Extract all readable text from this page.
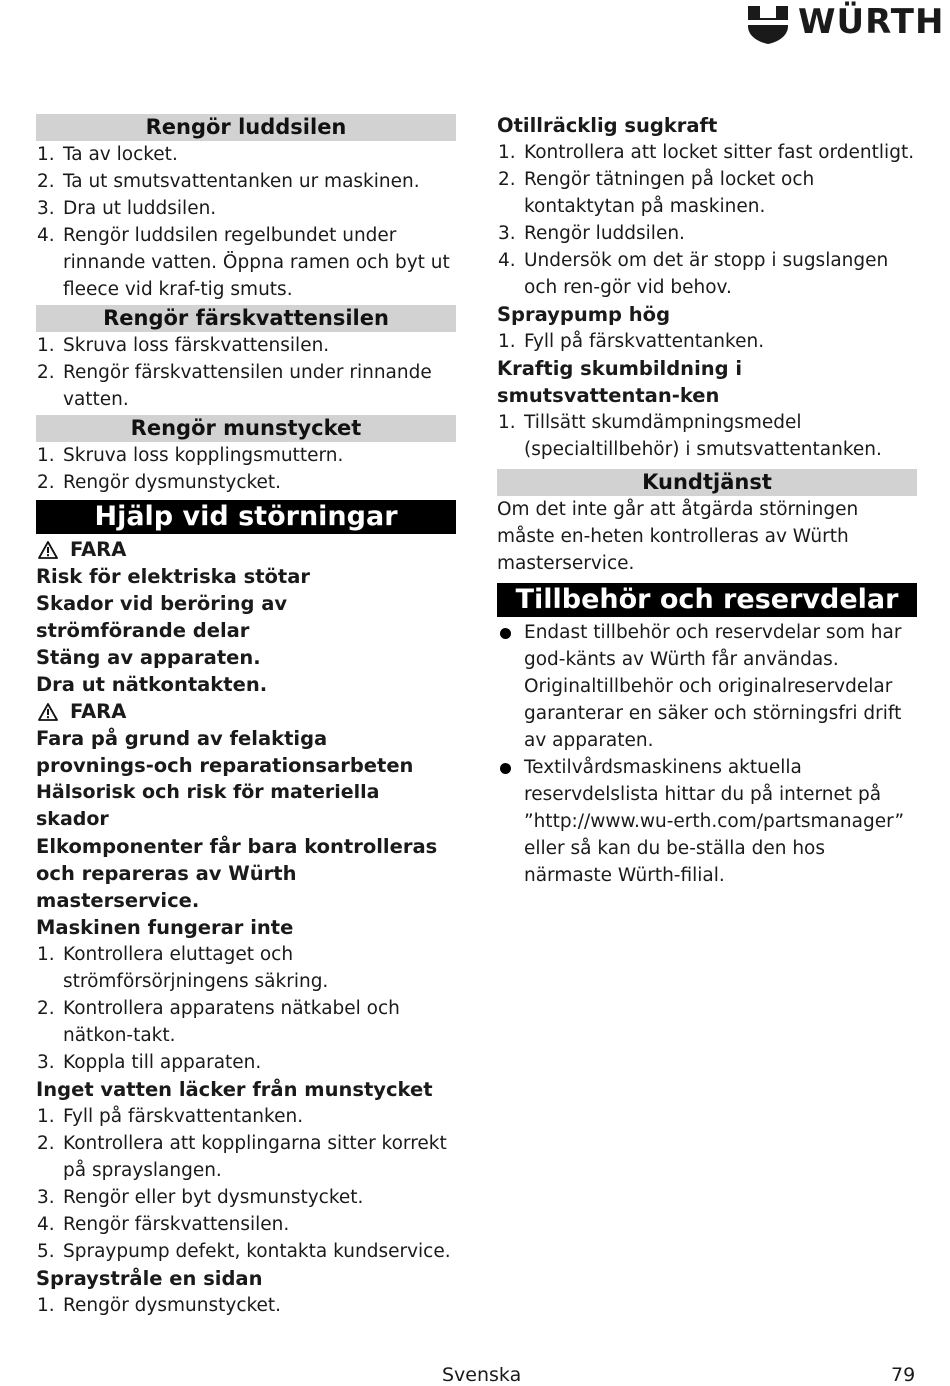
WÜRTH
Rengör luddsilen
1. Ta av locket.
2. Ta ut smutsvattentanken ur maskinen.
3. Dra ut luddsilen.
4. Rengör luddsilen regelbundet under rinnande vatten. Öppna ramen och byt ut fleece vid kraf-tig smuts.
Rengör färskvattensilen
1. Skruva loss färskvattensilen.
2. Rengör färskvattensilen under rinnande vatten.
Rengör munstycket
1. Skruva loss kopplingsmuttern.
2. Rengör dysmunstycket.
Hjälp vid störningar
FARA

Risk för elektriska stötar

Skador vid beröring av strömförande delar

Stäng av apparaten.

Dra ut nätkontakten.

FARA

Fara på grund av felaktiga provnings-och reparationsarbeten

Hälsorisk och risk för materiella skador

Elkomponenter får bara kontrolleras och repareras av Würth masterservice.

Maskinen fungerar inte

1. Kontrollera eluttaget och strömförsörjningens säkring.
2. Kontrollera apparatens nätkabel och nätkon-takt.
3. Koppla till apparaten.

Inget vatten läcker från munstycket

1. Fyll på färskvattentanken.
2. Kontrollera att kopplingarna sitter korrekt på sprayslangen.
3. Rengör eller byt dysmunstycket.
4. Rengör färskvattensilen.
5. Spraypump defekt, kontakta kundservice.

Spraystråle en sidan

1. Rengör dysmunstycket.

Otillräcklig sugkraft

1. Kontrollera att locket sitter fast ordentligt.
2. Rengör tätningen på locket och kontaktytan på maskinen.
3. Rengör luddsilen.
4. Undersök om det är stopp i sugslangen och ren-gör vid behov.

Spraypump hög

1. Fyll på färskvattentanken.

Kraftig skumbildning i smutsvattentan-ken

1. Tillsätt skumdämpningsmedel (specialtillbehör) i smutsvattentanken.
Kundtjänst

Om det inte går att åtgärda störningen måste en-heten kontrolleras av Würth masterservice.

Tillbehör och reservdelar
Endast tillbehör och reservdelar som har god-känts av Würth får användas. Originaltillbehör och originalreservdelar garanterar en säker och störningsfri drift av apparaten.
Textilvårdsmaskinens aktuella reservdelslista hittar du på internet på ”http://www.wu-erth.com/partsmanager” eller så kan du be-ställa den hos närmaste Würth-filial.
Svenska	79
